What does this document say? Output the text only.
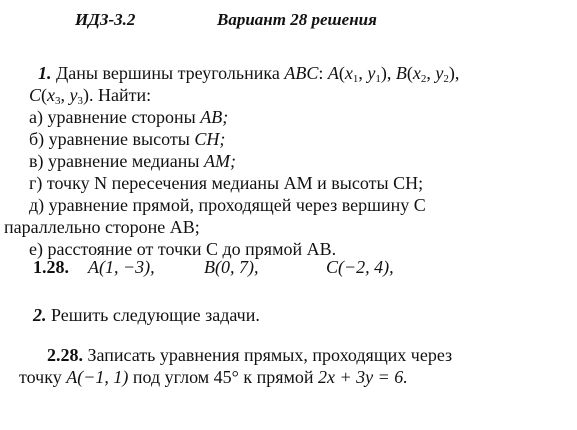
ИДЗ-3.2	Вариант 28 решения
1. Даны вершины треугольника ABC: $A(x_1$, $y_1$), $B(x_2$, $y_2$),
$C(x_3$, $y_3$). Найти:
а) уравнение стороны AB;
б) уравнение высоты CH;
в) уравнение медианы AM;
г) точку N пересечения медианы AM и высоты CH;
д) уравнение прямой, проходящей через вершину C
параллельно стороне AB;
е) расстояние от точки C до прямой AB.
1.28. A(1, −3),	B(0, 7),	C(−2, 4),
2. Решить следующие задачи.
2.28. Записать уравнения прямых, проходящих через
точку A(−1, 1) под углом 45° к прямой 2x + 3y = 6.
